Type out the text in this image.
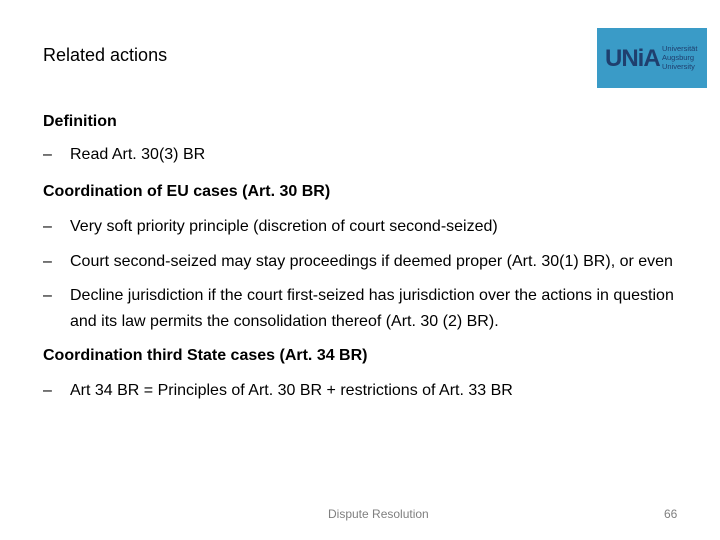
Related actions	UNiA Universität
Augsburg
University

Definition

– Read Art. 30(3) BR

Coordination of EU cases (Art. 30 BR)

– Very soft priority principle (discretion of court second-seized)
– Court second-seized may stay proceedings if deemed proper (Art. 30(1) BR), or even
– Decline jurisdiction if the court first-seized has jurisdiction over the actions in question and its law permits the consolidation thereof (Art. 30 (2) BR).

Coordination third State cases (Art. 34 BR)

– Art 34 BR = Principles of Art. 30 BR + restrictions of Art. 33 BR
Dispute Resolution	66
